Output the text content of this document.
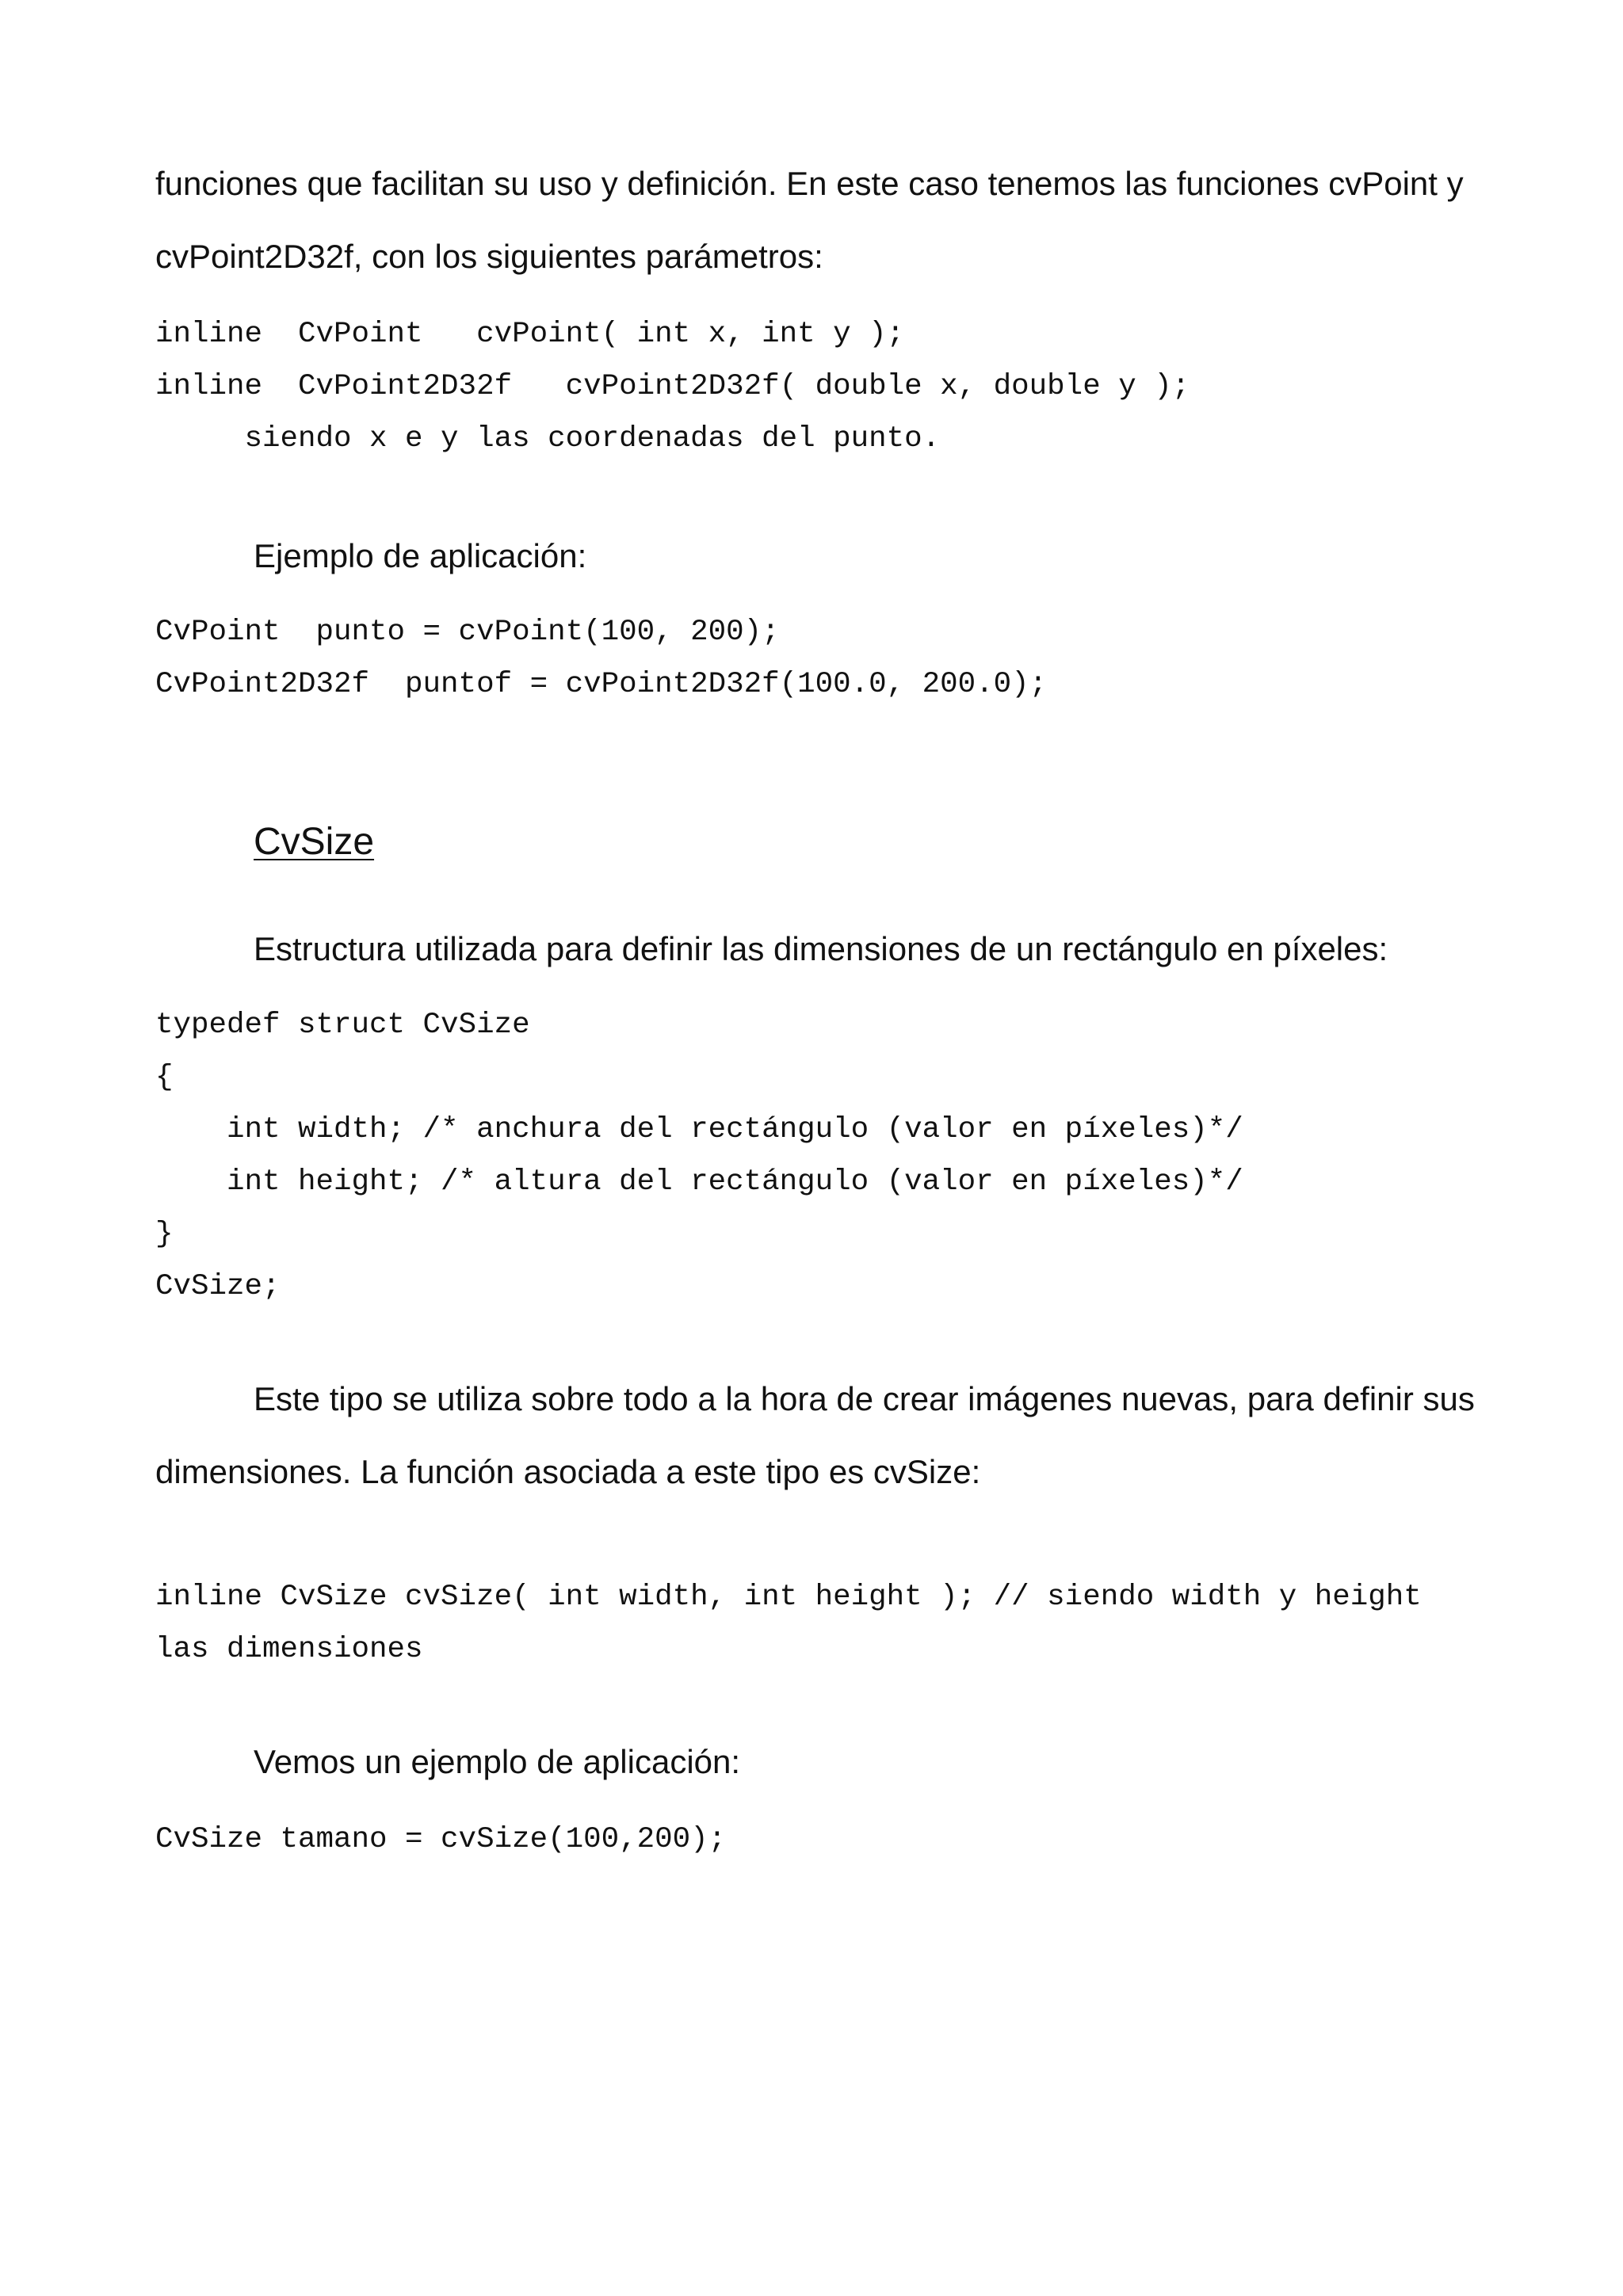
funciones que facilitan su uso y definición. En este caso tenemos las funciones cvPoint y

cvPoint2D32f, con los siguientes parámetros:

inline  CvPoint   cvPoint( int x, int y );
inline  CvPoint2D32f   cvPoint2D32f( double x, double y );
siendo x e y las coordenadas del punto.

Ejemplo de aplicación:

CvPoint  punto = cvPoint(100, 200);
CvPoint2D32f  puntof = cvPoint2D32f(100.0, 200.0);
CvSize

Estructura utilizada para definir las dimensiones de un rectángulo en píxeles:

typedef struct CvSize
{
int width; /* anchura del rectángulo (valor en píxeles)*/
int height; /* altura del rectángulo (valor en píxeles)*/
}
CvSize;

Este tipo se utiliza sobre todo a la hora de crear imágenes nuevas, para definir sus

dimensiones. La función asociada a este tipo es cvSize:

inline CvSize cvSize( int width, int height ); // siendo width y height
las dimensiones

Vemos un ejemplo de aplicación:

CvSize tamano = cvSize(100,200);
